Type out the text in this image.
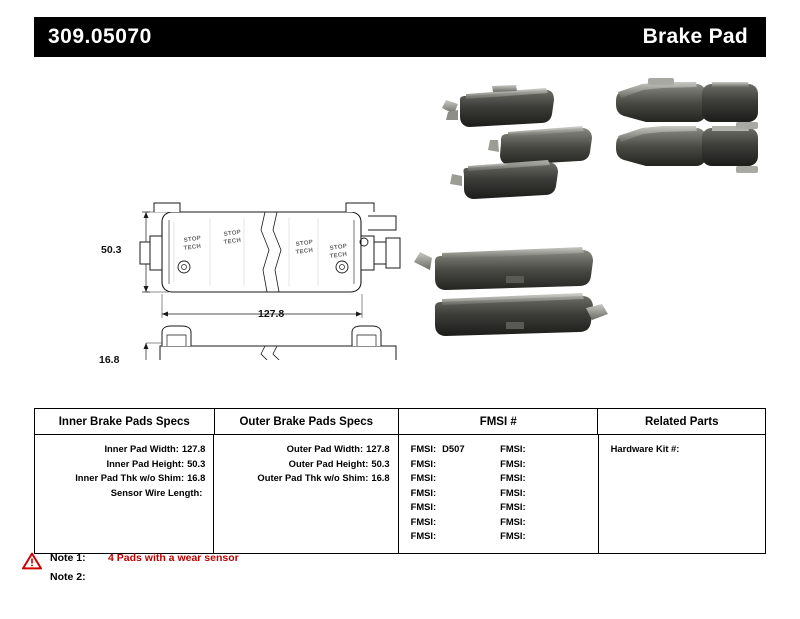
309.05070	Brake Pad
STOP
TECH
STOP
TECH	STOP
TECH	STOP
TECH
127.8
50.3
16.8
Inner Brake Pads Specs	Outer Brake Pads Specs	FMSI #	Related Parts
Inner Pad Width: 127.8
Inner Pad Height: 50.3
Inner Pad Thk w/o Shim: 16.8
Sensor Wire Length:
Outer Pad Width: 127.8
Outer Pad Height: 50.3
Outer Pad Thk w/o Shim: 16.8
FMSI: D507
FMSI:
FMSI:
FMSI:
FMSI:
FMSI:
FMSI:
FMSI:
FMSI:
FMSI:
FMSI:
FMSI:
FMSI:
FMSI:
Hardware Kit #:
Note 1:	4 Pads with a wear sensor
Note 2:
